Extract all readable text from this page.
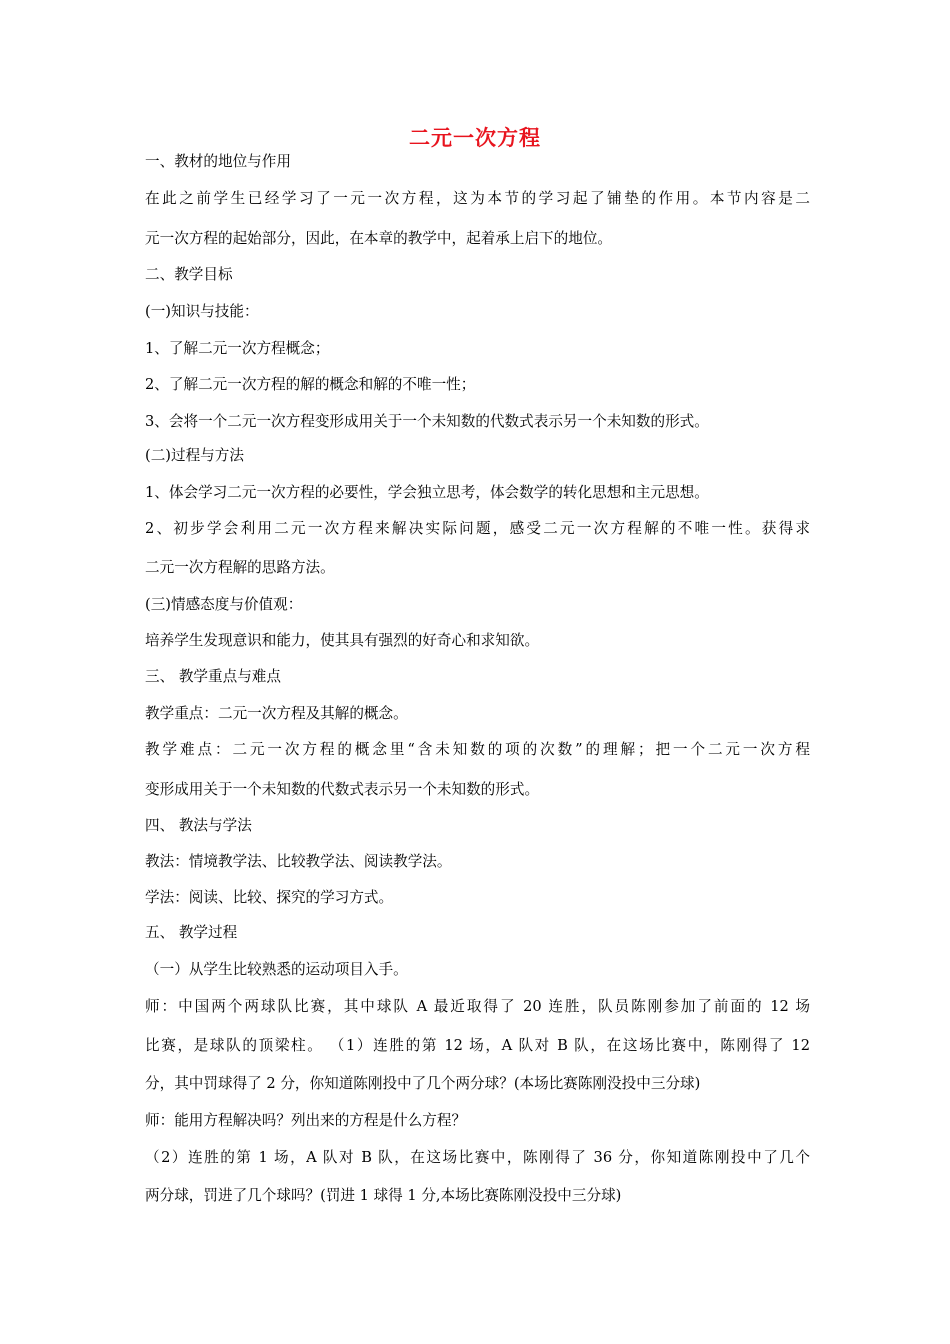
二元一次方程
一、教材的地位与作用
在此之前学生已经学习了一元一次方程，这为本节的学习起了铺垫的作用。本节内容是二
元一次方程的起始部分，因此，在本章的教学中，起着承上启下的地位。
二、教学目标
(一)知识与技能：
1、了解二元一次方程概念；
2、了解二元一次方程的解的概念和解的不唯一性；
3、会将一个二元一次方程变形成用关于一个未知数的代数式表示另一个未知数的形式。
(二)过程与方法
1、体会学习二元一次方程的必要性，学会独立思考，体会数学的转化思想和主元思想。
2、初步学会利用二元一次方程来解决实际问题，感受二元一次方程解的不唯一性。获得求
二元一次方程解的思路方法。
(三)情感态度与价值观：
培养学生发现意识和能力，使其具有强烈的好奇心和求知欲。
三、 教学重点与难点
教学重点：二元一次方程及其解的概念。
教学难点：二元一次方程的概念里“含未知数的项的次数”的理解；把一个二元一次方程
变形成用关于一个未知数的代数式表示另一个未知数的形式。
四、 教法与学法
教法：情境教学法、比较教学法、阅读教学法。
学法：阅读、比较、探究的学习方式。
五、 教学过程
（一）从学生比较熟悉的运动项目入手。
师：中国两个两球队比赛，其中球队 A 最近取得了 20 连胜，队员陈刚参加了前面的 12 场
比赛，是球队的顶梁柱。 （1）连胜的第 12 场，A 队对 B 队，在这场比赛中，陈刚得了 12
分，其中罚球得了 2 分，你知道陈刚投中了几个两分球？(本场比赛陈刚没投中三分球)
师：能用方程解决吗？列出来的方程是什么方程？
（2）连胜的第 1 场，A 队对 B 队，在这场比赛中，陈刚得了 36 分，你知道陈刚投中了几个
两分球，罚进了几个球吗？(罚进 1 球得 1 分,本场比赛陈刚没投中三分球)
